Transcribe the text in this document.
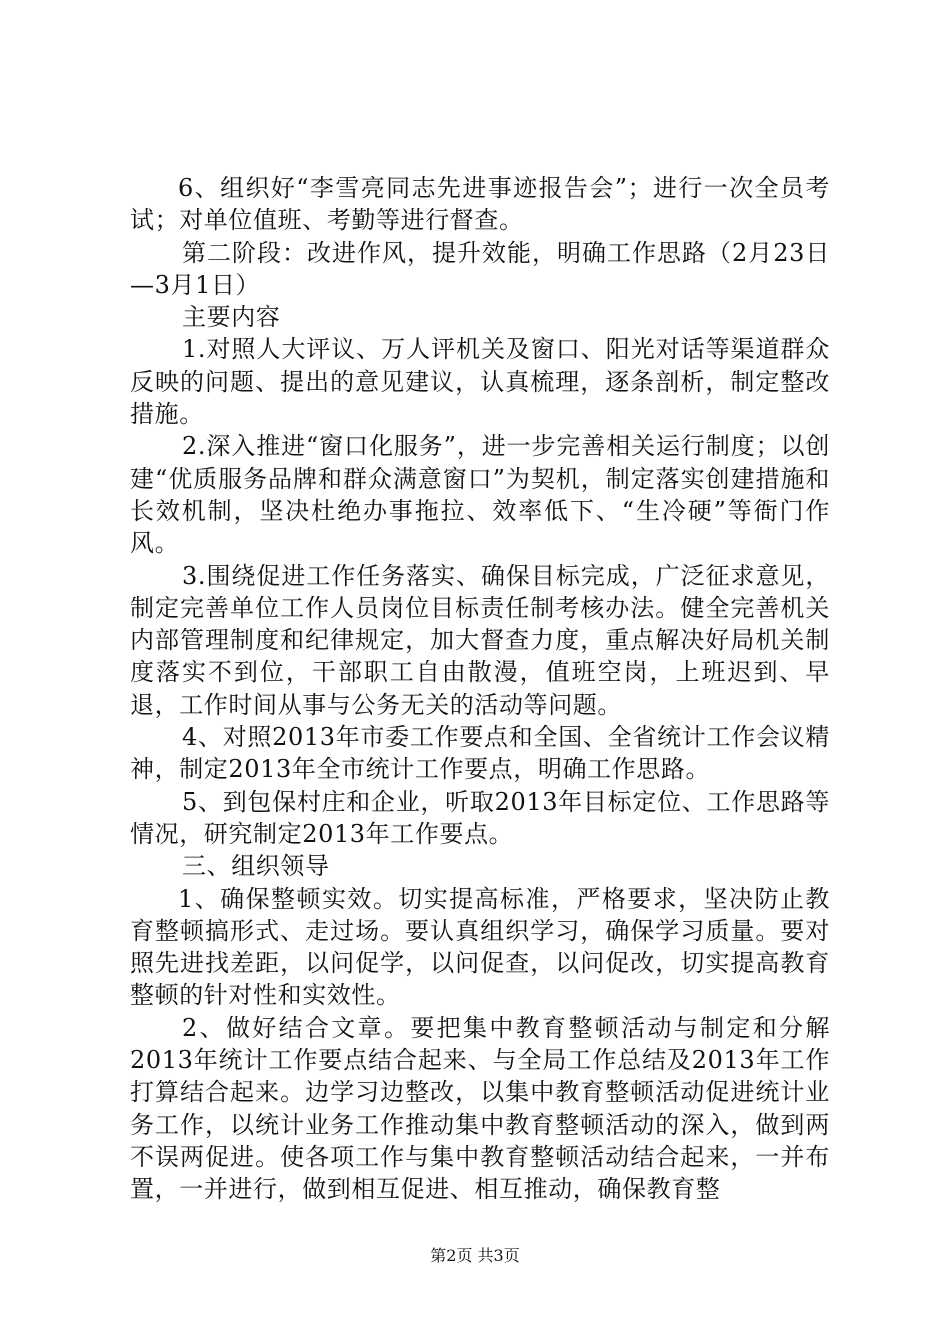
6、组织好“李雪亮同志先进事迹报告会”；进行一次全员考试；对单位值班、考勤等进行督查。

第二阶段：改进作风，提升效能，明确工作思路（2月23日—3月1日）

主要内容

1.对照人大评议、万人评机关及窗口、阳光对话等渠道群众反映的问题、提出的意见建议，认真梳理，逐条剖析，制定整改措施。

2.深入推进“窗口化服务”，进一步完善相关运行制度；以创建“优质服务品牌和群众满意窗口”为契机，制定落实创建措施和长效机制，坚决杜绝办事拖拉、效率低下、“生冷硬”等衙门作风。

3.围绕促进工作任务落实、确保目标完成，广泛征求意见，制定完善单位工作人员岗位目标责任制考核办法。健全完善机关内部管理制度和纪律规定，加大督查力度，重点解决好局机关制度落实不到位，干部职工自由散漫，值班空岗，上班迟到、早退，工作时间从事与公务无关的活动等问题。

4、对照2013年市委工作要点和全国、全省统计工作会议精神，制定2013年全市统计工作要点，明确工作思路。

5、到包保村庄和企业，听取2013年目标定位、工作思路等情况，研究制定2013年工作要点。

三、组织领导

1、确保整顿实效。切实提高标准，严格要求，坚决防止教育整顿搞形式、走过场。要认真组织学习，确保学习质量。要对照先进找差距，以问促学，以问促查，以问促改，切实提高教育整顿的针对性和实效性。

2、做好结合文章。要把集中教育整顿活动与制定和分解2013年统计工作要点结合起来、与全局工作总结及2013年工作打算结合起来。边学习边整改，以集中教育整顿活动促进统计业务工作，以统计业务工作推动集中教育整顿活动的深入，做到两不误两促进。使各项工作与集中教育整顿活动结合起来，一并布置，一并进行，做到相互促进、相互推动，确保教育整

第2页 共3页
